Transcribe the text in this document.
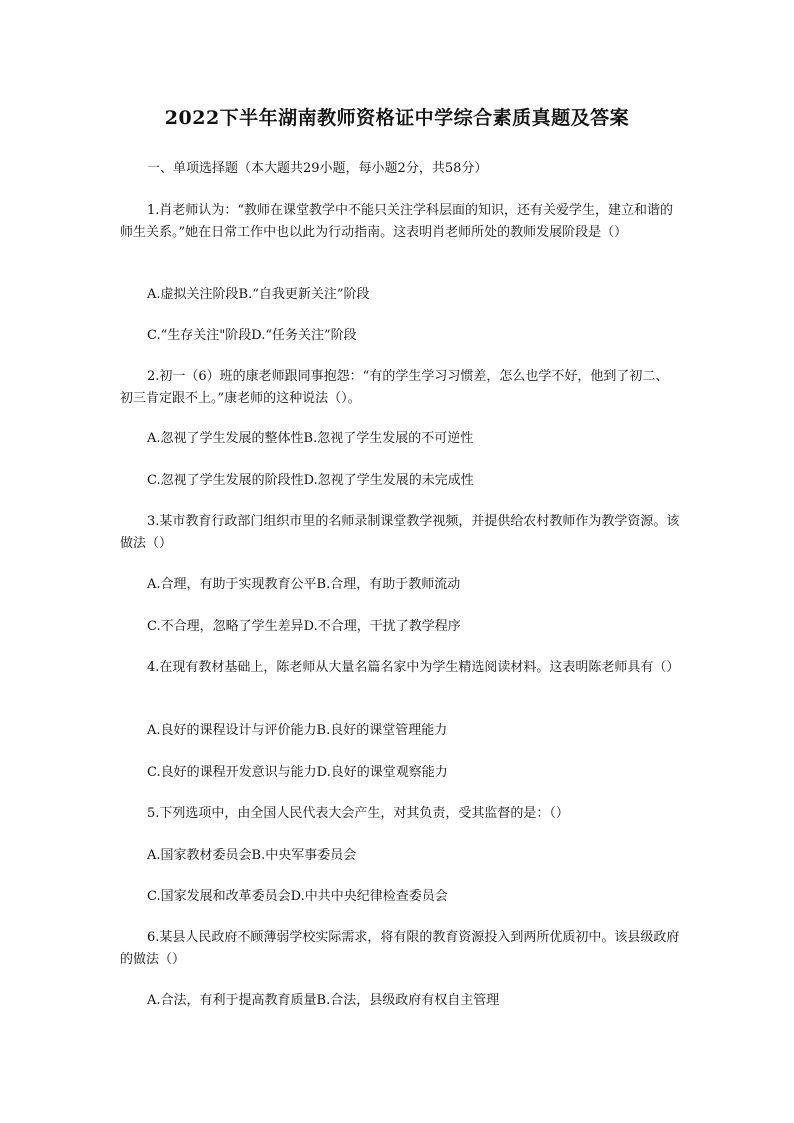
2022下半年湖南教师资格证中学综合素质真题及答案
一、单项选择题（本大题共29小题，每小题2分，共58分）
1.肖老师认为：“教师在课堂教学中不能只关注学科层面的知识，还有关爱学生，建立和谐的师生关系。”她在日常工作中也以此为行动指南。这表明肖老师所处的教师发展阶段是（）
A.虚拟关注阶段B.“自我更新关注”阶段
C.“生存关注"阶段D.“任务关注”阶段
2.初一（6）班的康老师跟同事抱怨：“有的学生学习习惯差，怎么也学不好，他到了初二、初三肯定跟不上。”康老师的这种说法（）。
A.忽视了学生发展的整体性B.忽视了学生发展的不可逆性
C.忽视了学生发展的阶段性D.忽视了学生发展的未完成性
3.某市教育行政部门组织市里的名师录制课堂教学视频，并提供给农村教师作为教学资源。该做法（）
A.合理，有助于实现教育公平B.合理，有助于教师流动
C.不合理，忽略了学生差异D.不合理，干扰了教学程序
4.在现有教材基础上，陈老师从大量名篇名家中为学生精选阅读材料。这表明陈老师具有（）
A.良好的课程设计与评价能力B.良好的课堂管理能力
C.良好的课程开发意识与能力D.良好的课堂观察能力
5.下列选项中，由全国人民代表大会产生，对其负责，受其监督的是：（）
A.国家教材委员会B.中央军事委员会
C.国家发展和改革委员会D.中共中央纪律检查委员会
6.某县人民政府不顾薄弱学校实际需求，将有限的教育资源投入到两所优质初中。该县级政府的做法（）
A.合法，有利于提高教育质量B.合法，县级政府有权自主管理
